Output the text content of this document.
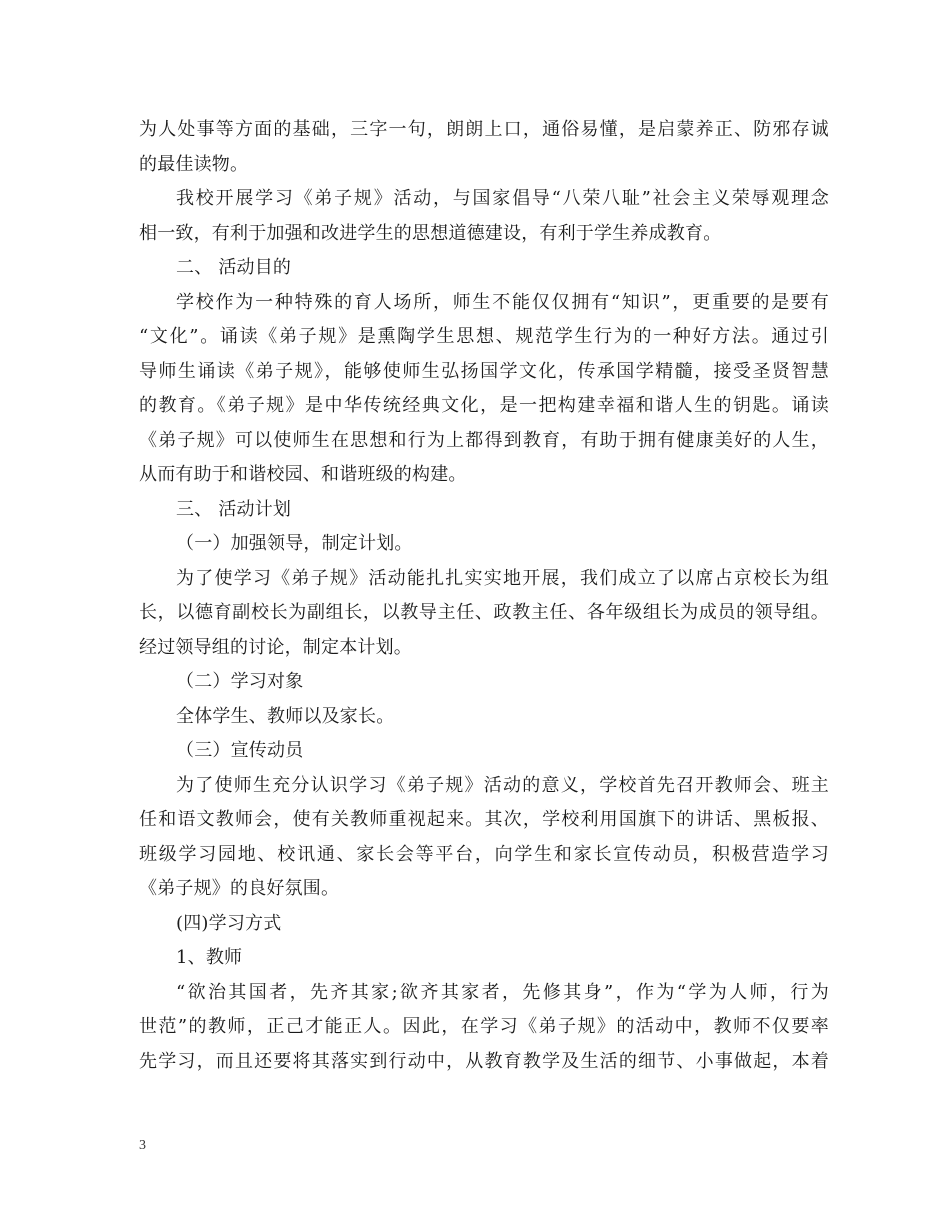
为人处事等方面的基础，三字一句，朗朗上口，通俗易懂，是启蒙养正、防邪存诚
的最佳读物。
我校开展学习《弟子规》活动，与国家倡导“八荣八耻”社会主义荣辱观理念
相一致，有利于加强和改进学生的思想道德建设，有利于学生养成教育。
二、 活动目的
学校作为一种特殊的育人场所，师生不能仅仅拥有“知识”，更重要的是要有
“文化”。诵读《弟子规》是熏陶学生思想、规范学生行为的一种好方法。通过引
导师生诵读《弟子规》，能够使师生弘扬国学文化，传承国学精髓，接受圣贤智慧
的教育。《弟子规》是中华传统经典文化，是一把构建幸福和谐人生的钥匙。诵读
《弟子规》可以使师生在思想和行为上都得到教育，有助于拥有健康美好的人生，
从而有助于和谐校园、和谐班级的构建。
三、 活动计划
（一）加强领导，制定计划。
为了使学习《弟子规》活动能扎扎实实地开展，我们成立了以席占京校长为组
长，以德育副校长为副组长，以教导主任、政教主任、各年级组长为成员的领导组。
经过领导组的讨论，制定本计划。
（二）学习对象
全体学生、教师以及家长。
（三）宣传动员
为了使师生充分认识学习《弟子规》活动的意义，学校首先召开教师会、班主
任和语文教师会，使有关教师重视起来。其次，学校利用国旗下的讲话、黑板报、
班级学习园地、校讯通、家长会等平台，向学生和家长宣传动员，积极营造学习
《弟子规》的良好氛围。
(四)学习方式
1、教师
“欲治其国者，先齐其家;欲齐其家者，先修其身”，作为“学为人师，行为
世范”的教师，正己才能正人。因此，在学习《弟子规》的活动中，教师不仅要率
先学习，而且还要将其落实到行动中，从教育教学及生活的细节、小事做起，本着
3
